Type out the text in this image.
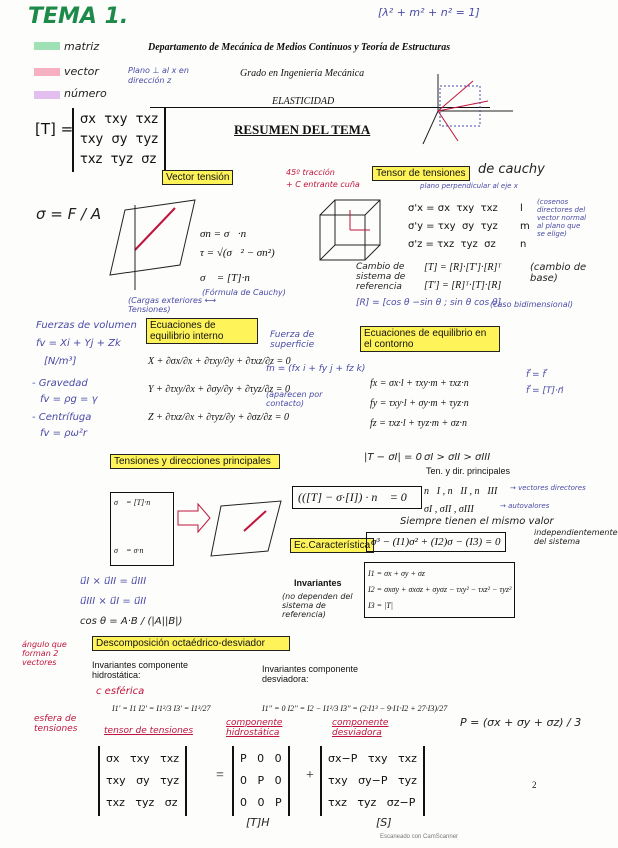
TEMA 1.	[λ² + m² + n² = 1]
matriz
vector
número
Plano ⊥ al x en dirección z
Departamento de Mecánica de Medios Continuos y Teoría de Estructuras
Grado en Ingeniería Mecánica
ELASTICIDAD
RESUMEN DEL TEMA
[T] =
σx  τxy  τxz
τxy  σy  τyz
τxz  τyz  σz
Vector tensión
σ = F / A
σn = σ⃗·n⃗
τ = √(σ⃗² − σn²)
σ⃗ = [T]·n⃗
(Fórmula de Cauchy)
(Cargas exteriores ⟷ Tensiones)
45º tracción
+ C entrante cuña
Tensor de tensiones de cauchy
plano perpendicular al eje x
σ'x = σx  τxy  τxz
σ'y = τxy  σy  τyz
σ'z = τxz  τyz  σz
l
m
n
(cosenos directores del vector normal al plano que se elige)
Cambio de sistema de referencia
[T] = [R]·[T']·[R]ᵀ
[T'] = [R]ᵀ·[T]·[R]
(cambio de base)
[R] = [cos θ −sin θ ; sin θ cos θ]
(caso bidimensional)
Fuerzas de volumen
fv = Xi + Yj + Zk
[N/m³]
- Gravedad
fv = ρg = γ
- Centrífuga
fv = ρω²r
Ecuaciones de equilibrio interno
X + ∂σx/∂x + ∂τxy/∂y + ∂τxz/∂z = 0
Y + ∂τxy/∂x + ∂σy/∂y + ∂τyz/∂z = 0
Z + ∂τxz/∂x + ∂τyz/∂y + ∂σz/∂z = 0
Fuerza de superficie
fn = (fx i + fy j + fz k)
(aparecen por contacto)
Ecuaciones de equilibrio en el contorno
fx = σx·l + τxy·m + τxz·n
fy = τxy·l + σy·m + τyz·n
fz = τxz·l + τyz·m + σz·n
f⃗ = f⃗
f⃗ = [T]·n⃗
Tensiones y direcciones principales	|T − σI| = 0 σI > σII > σIII
Ten. y dir. principales
n⃗I , n⃗II , n⃗III → vectores directores
σI , σII , σIII	→ autovalores
σ⃗ = [T]·n⃗
σ⃗ = σ·n⃗
(([T] − σ·[I]) · n⃗ = 0⃗
Siempre tienen el mismo valor
Ec.Característica σ³ − (I1)σ² + (I2)σ − (I3) = 0
independientemente del sistema
Invariantes
(no dependen del sistema de referencia)
I1 = σx + σy + σz
I2 = σxσy + σxσz + σyσz − τxy² − τxz² − τyz²
I3 = |T|
u⃗I × u⃗II = u⃗III
u⃗III × u⃗I = u⃗II
cos θ = A·B / (|A||B|)
ángulo que forman 2 vectores
Descomposición octaédrico-desviador
Invariantes componente hidrostática:
c esférica
I1' = I1 I2' = I1²/3 I3' = I1³/27
Invariantes componente desviadora:
I1'' = 0 I2'' = I2 − I1²/3 I3'' = (2·I1³ − 9·I1·I2 + 27·I3)/27
esfera de tensiones	tensor de tensiones
componente hidrostática
componente desviadora
P = (σx + σy + σz) / 3
σx   τxy   τxz
τxy   σy   τyz
τxz   τyz   σz
=
P   0   0
0   P   0
0   0   P
+
σx−P   τxy   τxz
τxy   σy−P   τyz
τxz   τyz   σz−P
[T]H	[S]
2
Escaneado con CamScanner
